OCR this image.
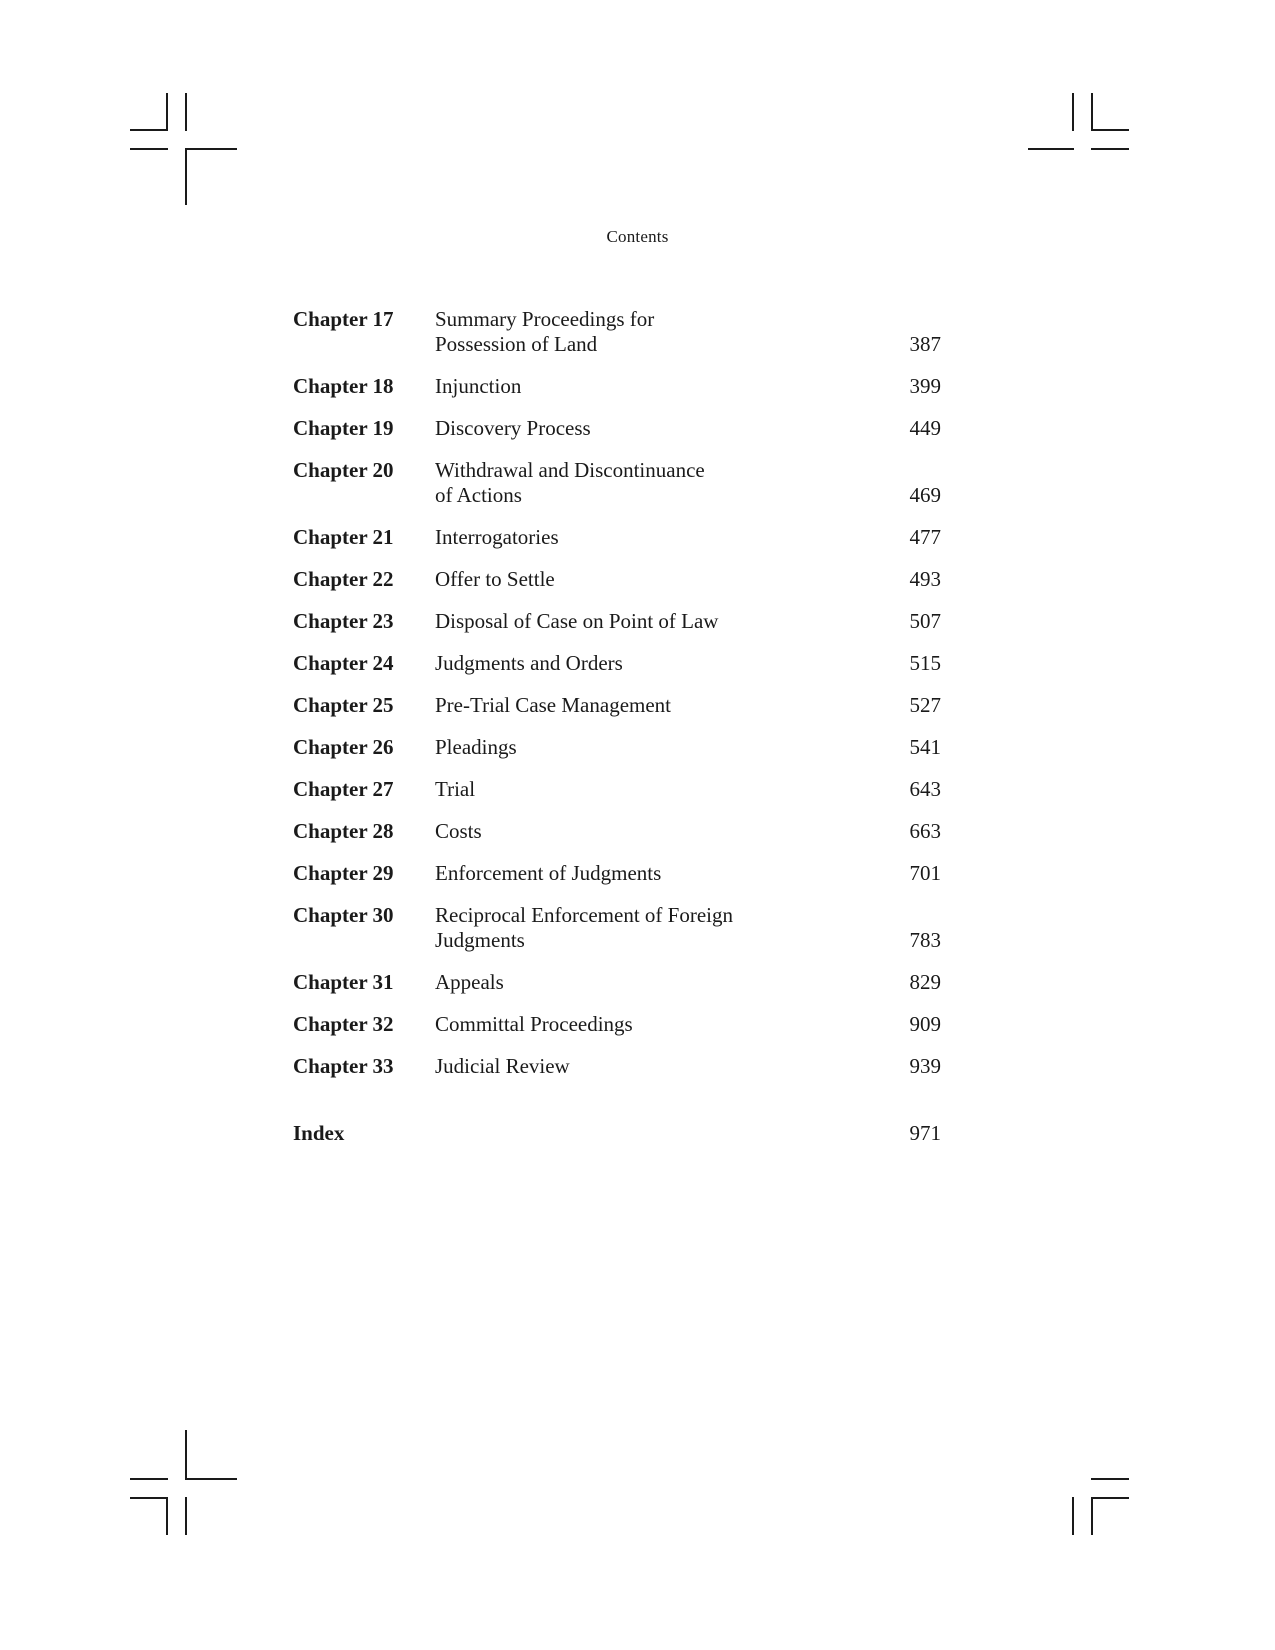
Contents
Chapter 17 Summary Proceedings for Possession of Land	387
Chapter 18 Injunction	399
Chapter 19 Discovery Process	449
Chapter 20 Withdrawal and Discontinuance of Actions	469
Chapter 21 Interrogatories	477
Chapter 22 Offer to Settle	493
Chapter 23 Disposal of Case on Point of Law	507
Chapter 24 Judgments and Orders	515
Chapter 25 Pre-Trial Case Management	527
Chapter 26 Pleadings	541
Chapter 27 Trial	643
Chapter 28 Costs	663
Chapter 29 Enforcement of Judgments	701
Chapter 30 Reciprocal Enforcement of Foreign Judgments	783
Chapter 31 Appeals	829
Chapter 32 Committal Proceedings	909
Chapter 33 Judicial Review	939
Index	971
